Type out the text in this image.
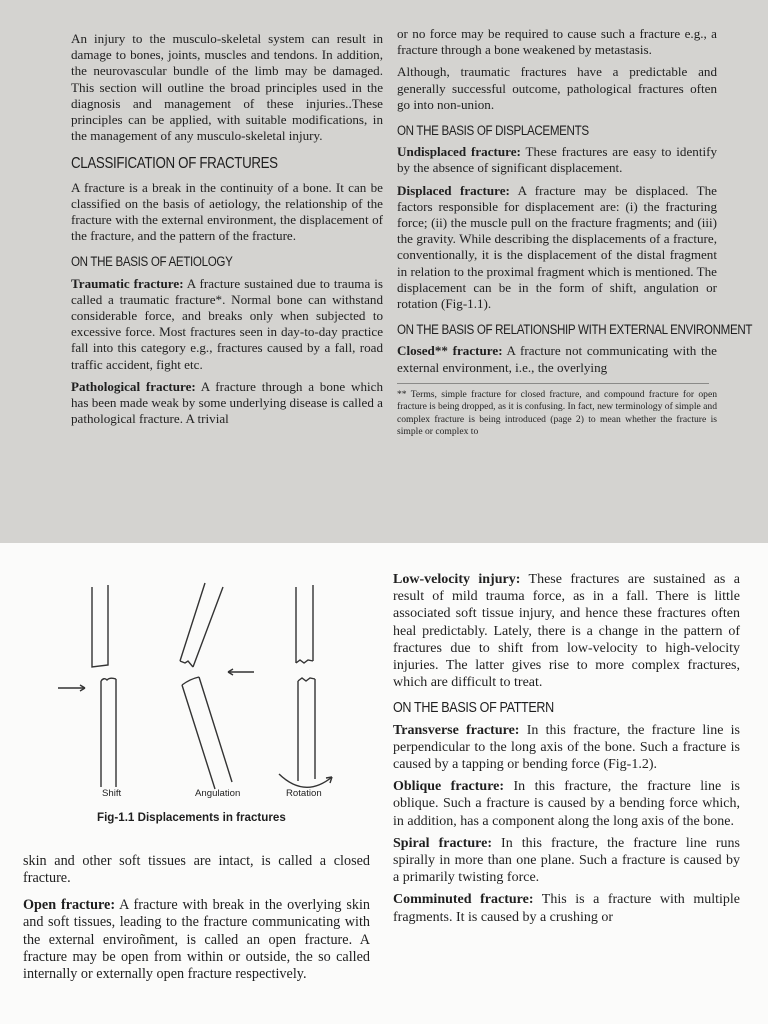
An injury to the musculo-skeletal system can result in damage to bones, joints, muscles and tendons. In addition, the neurovascular bundle of the limb may be damaged. This section will outline the broad principles used in the diagnosis and management of these injuries..These principles can be applied, with suitable modifications, in the management of any musculo-skeletal injury.

CLASSIFICATION OF FRACTURES

A fracture is a break in the continuity of a bone. It can be classified on the basis of aetiology, the relationship of the fracture with the external environment, the displacement of the fracture, and the pattern of the fracture.

ON THE BASIS OF AETIOLOGY

Traumatic fracture: A fracture sustained due to trauma is called a traumatic fracture*. Normal bone can withstand considerable force, and breaks only when subjected to excessive force. Most fractures seen in day-to-day practice fall into this category e.g., fractures caused by a fall, road traffic accident, fight etc.

Pathological fracture: A fracture through a bone which has been made weak by some underlying disease is called a pathological fracture. A trivial

or no force may be required to cause such a fracture e.g., a fracture through a bone weakened by metastasis.

Although, traumatic fractures have a predictable and generally successful outcome, pathological fractures often go into non-union.

ON THE BASIS OF DISPLACEMENTS

Undisplaced fracture: These fractures are easy to identify by the absence of significant displacement.

Displaced fracture: A fracture may be displaced. The factors responsible for displacement are: (i) the fracturing force; (ii) the muscle pull on the fracture fragments; and (iii) the gravity. While describing the displacements of a fracture, conventionally, it is the displacement of the distal fragment in relation to the proximal fragment which is mentioned. The displacement can be in the form of shift, angulation or rotation (Fig-1.1).

ON THE BASIS OF RELATIONSHIP WITH EXTERNAL ENVIRONMENT

Closed** fracture: A fracture not communicating with the external environment, i.e., the overlying

** Terms, simple fracture for closed fracture, and compound fracture for open fracture is being dropped, as it is confusing. In fact, new terminology of simple and complex fracture is being introduced (page 2) to mean whether the fracture is simple or complex to

Shift	Angulation	Rotation
Fig-1.1 Displacements in fractures

skin and other soft tissues are intact, is called a closed fracture.

Open fracture: A fracture with break in the overlying skin and soft tissues, leading to the fracture communicating with the external enviroñment, is called an open fracture. A fracture may be open from within or outside, the so called internally or externally open fracture respectively.

Low-velocity injury: These fractures are sustained as a result of mild trauma force, as in a fall. There is little associated soft tissue injury, and hence these fractures often heal predictably. Lately, there is a change in the pattern of fractures due to shift from low-velocity to high-velocity injuries. The latter gives rise to more complex fractures, which are difficult to treat.

ON THE BASIS OF PATTERN

Transverse fracture: In this fracture, the fracture line is perpendicular to the long axis of the bone. Such a fracture is caused by a tapping or bending force (Fig-1.2).

Oblique fracture: In this fracture, the fracture line is oblique. Such a fracture is caused by a bending force which, in addition, has a component along the long axis of the bone.

Spiral fracture: In this fracture, the fracture line runs spirally in more than one plane. Such a fracture is caused by a primarily twisting force.

Comminuted fracture: This is a fracture with multiple fragments. It is caused by a crushing or
